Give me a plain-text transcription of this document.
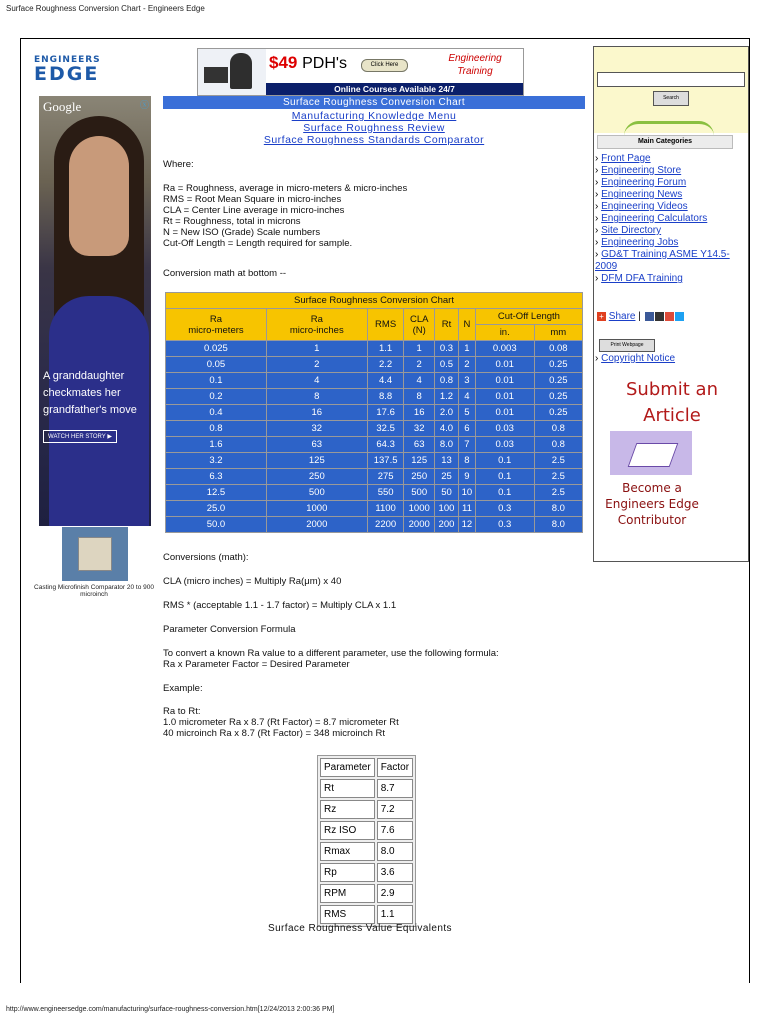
Surface Roughness Conversion Chart - Engineers Edge
ENGINEERS
EDGE
Google	ⓧ
A granddaughter checkmates her grandfather's move
WATCH HER STORY ▶
Casting Microfinish Comparator 20 to 900 microinch
$49 PDH's	Click Here
Engineering Training
Online Courses Available 24/7
Surface Roughness Conversion Chart
Manufacturing Knowledge Menu
Surface Roughness Review
Surface Roughness Standards Comparator
Where:
Ra = Roughness, average in micro-meters & micro-inches
RMS = Root Mean Square in micro-inches
CLA = Center Line average in micro-inches
Rt = Roughness, total in microns
N = New ISO (Grade) Scale numbers
Cut-Off Length = Length required for sample.
Conversion math at bottom --
Surface Roughness Conversion Chart							
Ra
micro-meters	Ra
micro-inches	RMS	CLA
(N)	Rt	N	Cut-Off Length	
						in.	mm
0.025	1	1.1	1	0.3	1	0.003	0.08
0.05	2	2.2	2	0.5	2	0.01	0.25
0.1	4	4.4	4	0.8	3	0.01	0.25
0.2	8	8.8	8	1.2	4	0.01	0.25
0.4	16	17.6	16	2.0	5	0.01	0.25
0.8	32	32.5	32	4.0	6	0.03	0.8
1.6	63	64.3	63	8.0	7	0.03	0.8
3.2	125	137.5	125	13	8	0.1	2.5
6.3	250	275	250	25	9	0.1	2.5
12.5	500	550	500	50	10	0.1	2.5
25.0	1000	1100	1000	100	11	0.3	8.0
50.0	2000	2200	2000	200	12	0.3	8.0
Conversions (math):
CLA (micro inches) = Multiply Ra(μm) x 40
RMS * (acceptable 1.1 - 1.7 factor) = Multiply CLA x 1.1
Parameter Conversion Formula
To convert a known Ra value to a different parameter, use the following formula:
Ra x Parameter Factor = Desired Parameter
Example:
Ra to Rt:
1.0 micrometer Ra x 8.7 (Rt Factor) = 8.7 micrometer Rt
40 microinch Ra x 8.7 (Rt Factor) = 348 microinch Rt
Parameter	Factor
Rt	8.7
Rz	7.2
Rz ISO	7.6
Rmax	8.0
Rp	3.6
RPM	2.9
RMS	1.1
Surface Roughness Value Equivalents
Search
Main Categories
› Front Page
› Engineering Store
› Engineering Forum
› Engineering News
› Engineering Videos
› Engineering Calculators
› Site Directory
› Engineering Jobs
› GD&T Training ASME Y14.5-2009
› DFM DFA Training
+ Share |
Print Webpage
› Copyright Notice
Submit an Article
Become a Engineers Edge Contributor
http://www.engineersedge.com/manufacturing/surface-roughness-conversion.htm[12/24/2013 2:00:36 PM]
